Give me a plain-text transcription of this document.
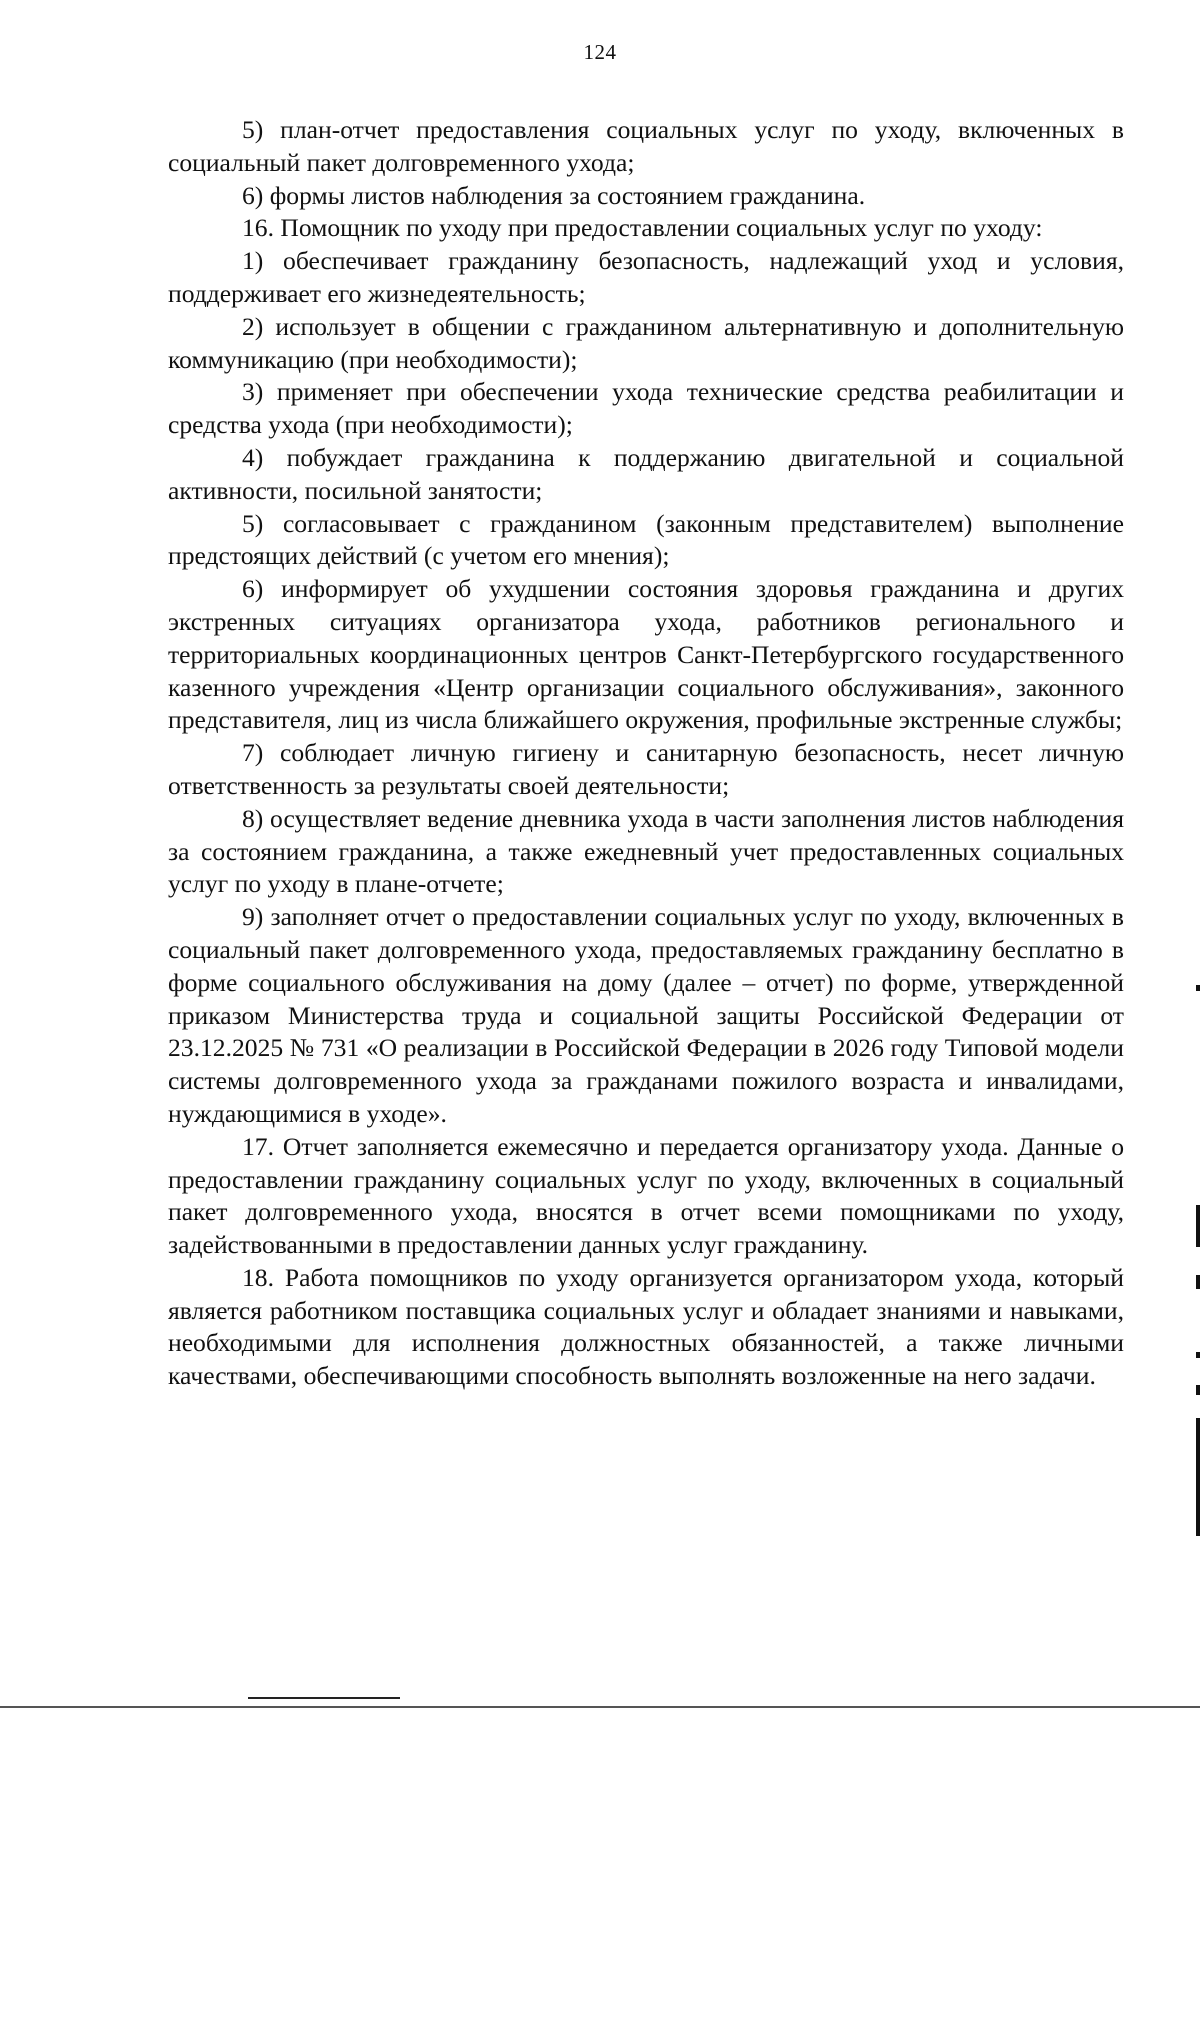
124

5) план-отчет предоставления социальных услуг по уходу, включенных в социальный пакет долговременного ухода;

6) формы листов наблюдения за состоянием гражданина.

16. Помощник по уходу при предоставлении социальных услуг по уходу:

1) обеспечивает гражданину безопасность, надлежащий уход и условия, поддерживает его жизнедеятельность;

2) использует в общении с гражданином альтернативную и дополнительную коммуникацию (при необходимости);

3) применяет при обеспечении ухода технические средства реабилитации и средства ухода (при необходимости);

4) побуждает гражданина к поддержанию двигательной и социальной активности, посильной занятости;

5) согласовывает с гражданином (законным представителем) выполнение предстоящих действий (с учетом его мнения);

6) информирует об ухудшении состояния здоровья гражданина и других экстренных ситуациях организатора ухода, работников регионального и территориальных координационных центров Санкт-Петербургского государственного казенного учреждения «Центр организации социального обслуживания», законного представителя, лиц из числа ближайшего окружения, профильные экстренные службы;

7) соблюдает личную гигиену и санитарную безопасность, несет личную ответственность за результаты своей деятельности;

8) осуществляет ведение дневника ухода в части заполнения листов наблюдения за состоянием гражданина, а также ежедневный учет предоставленных социальных услуг по уходу в плане-отчете;

9) заполняет отчет о предоставлении социальных услуг по уходу, включенных в социальный пакет долговременного ухода, предоставляемых гражданину бесплатно в форме социального обслуживания на дому (далее – отчет) по форме, утвержденной приказом Министерства труда и социальной защиты Российской Федерации от 23.12.2025 № 731 «О реализации в Российской Федерации в 2026 году Типовой модели системы долговременного ухода за гражданами пожилого возраста и инвалидами, нуждающимися в уходе».

17. Отчет заполняется ежемесячно и передается организатору ухода. Данные о предоставлении гражданину социальных услуг по уходу, включенных в социальный пакет долговременного ухода, вносятся в отчет всеми помощниками по уходу, задействованными в предоставлении данных услуг гражданину.

18. Работа помощников по уходу организуется организатором ухода, который является работником поставщика социальных услуг и обладает знаниями и навыками, необходимыми для исполнения должностных обязанностей, а также личными качествами, обеспечивающими способность выполнять возложенные на него задачи.
